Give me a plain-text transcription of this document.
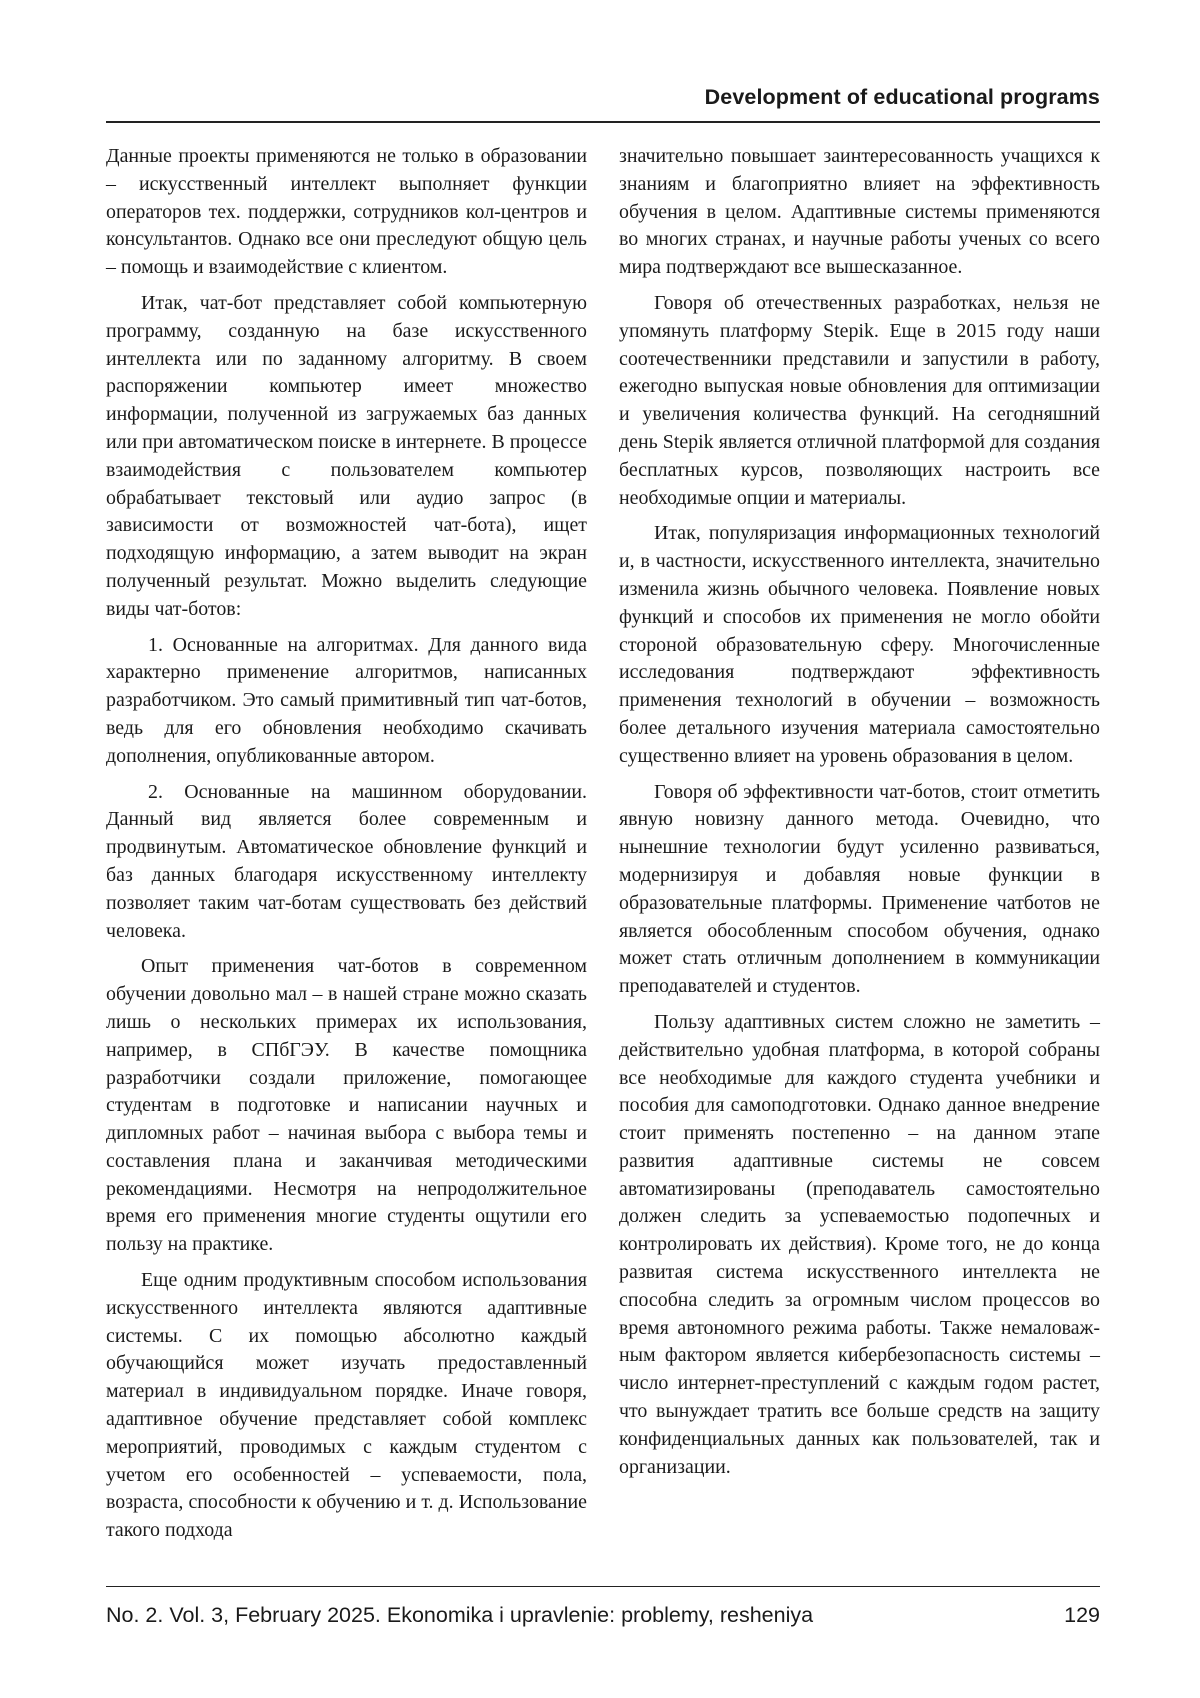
Development of educational programs

Данные проекты применяются не только в образовании – искусственный интеллект выполняет функции операторов тех. поддержки, сотрудников кол-центров и консультантов. Однако все они преследуют общую цель – помощь и взаимодействие с клиентом.

Итак, чат-бот представляет собой компьютерную программу, созданную на базе искусственного интеллекта или по заданному алгоритму. В своем распоряжении компьютер имеет множество информации, полученной из загружаемых баз данных или при автоматическом поиске в интернете. В процессе взаимодействия с пользователем компьютер обрабатывает текстовый или аудио запрос (в зависимости от возможностей чат-бота), ищет подходящую информацию, а затем выводит на экран полученный результат. Можно выделить следующие виды чат-ботов:

1. Основанные на алгоритмах. Для данного вида характерно применение алгоритмов, написанных разработчиком. Это самый примитивный тип чат-ботов, ведь для его обновления необходимо скачивать дополнения, опубликованные автором.

2. Основанные на машинном оборудовании. Данный вид является более современным и продвинутым. Автоматическое обновление функций и баз данных благодаря искусственному интеллекту позволяет таким чат-ботам существовать без действий человека.

Опыт применения чат-ботов в современном обучении довольно мал – в нашей стране можно сказать лишь о нескольких примерах их использования, например, в СПбГЭУ. В качестве помощника разработчики создали приложение, помогающее студентам в подготовке и написании научных и дипломных работ – начиная выбора с выбора темы и составления плана и заканчивая методическими рекомендациями. Несмотря на непродолжительное время его применения многие студенты ощутили его пользу на практике.

Еще одним продуктивным способом использования искусственного интеллекта являются адаптивные системы. С их помощью абсолютно каждый обучающийся может изучать предоставленный материал в индивидуальном порядке. Иначе говоря, адаптивное обучение представляет собой комплекс мероприятий, проводимых с каждым студентом с учетом его особенностей – успеваемости, пола, возраста, способности к обучению и т. д. Использование такого подхода

значительно повышает заинтересованность учащихся к знаниям и благоприятно влияет на эффективность обучения в целом. Адаптивные системы применяются во многих странах, и научные работы ученых со всего мира подтверждают все вышесказанное.

Говоря об отечественных разработках, нельзя не упомянуть платформу Stepik. Еще в 2015 году наши соотечественники представили и запустили в работу, ежегодно выпуская новые обновления для оптимизации и увеличения количества функций. На сегодняшний день Stepik является отличной платформой для создания бесплатных курсов, позволяющих настроить все необходимые опции и материалы.

Итак, популяризация информационных технологий и, в частности, искусственного интеллекта, значительно изменила жизнь обычного человека. Появление новых функций и способов их применения не могло обойти стороной образовательную сферу. Многочисленные исследования подтверждают эффективность применения технологий в обучении – возможность более детального изучения материала самостоятельно существенно влияет на уровень образования в целом.

Говоря об эффективности чат-ботов, стоит отметить явную новизну данного метода. Очевидно, что нынешние технологии будут усиленно развиваться, модернизируя и добавляя новые функции в образовательные платформы. Применение чатботов не является обособленным способом обучения, однако может стать отличным дополнением в коммуникации преподавателей и студентов.

Пользу адаптивных систем сложно не заметить – действительно удобная платформа, в которой собраны все необходимые для каждого студента учебники и пособия для самоподготовки. Однако данное внедрение стоит применять постепенно – на данном этапе развития адаптивные системы не совсем автоматизированы (преподаватель самостоятельно должен следить за успеваемостью подопечных и контролировать их действия). Кроме того, не до конца развитая система искусственного интеллекта не способна следить за огромным числом процессов во время автономного режима работы. Также немаловажным фактором является кибербезопасность системы – число интернет-преступлений с каждым годом растет, что вынуждает тратить все больше средств на защиту конфиденциальных данных как пользователей, так и организации.

No. 2. Vol. 3, February 2025. Ekonomika i upravlenie: problemy, resheniya	129
